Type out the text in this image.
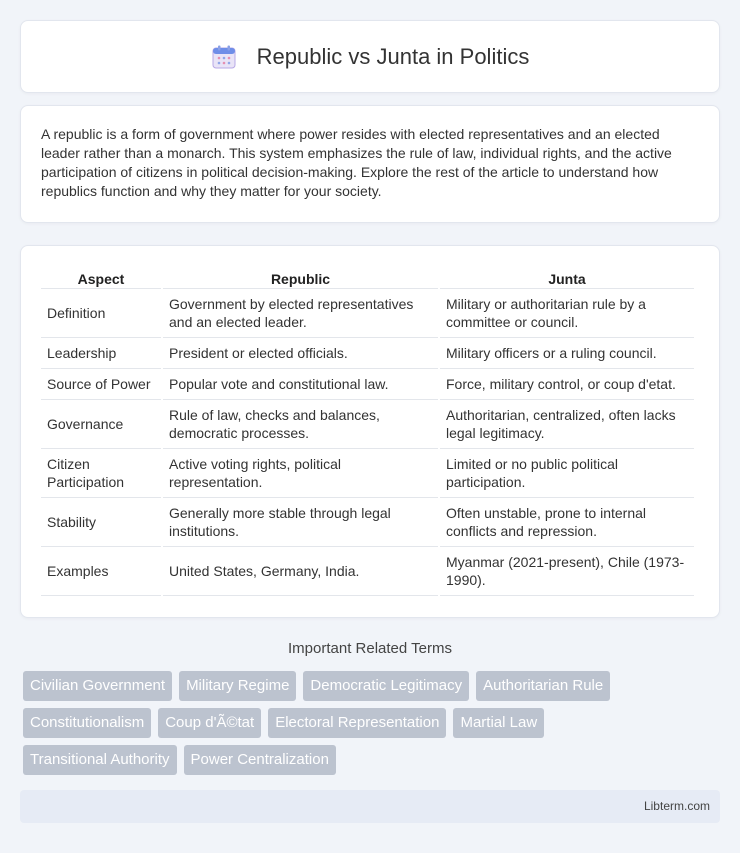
Republic vs Junta in Politics

A republic is a form of government where power resides with elected representatives and an elected leader rather than a monarch. This system emphasizes the rule of law, individual rights, and the active participation of citizens in political decision-making. Explore the rest of the article to understand how republics function and why they matter for your society.

Aspect	Republic	Junta
Definition	Government by elected representatives and an elected leader.	Military or authoritarian rule by a committee or council.
Leadership	President or elected officials.	Military officers or a ruling council.
Source of Power	Popular vote and constitutional law.	Force, military control, or coup d'etat.
Governance	Rule of law, checks and balances, democratic processes.	Authoritarian, centralized, often lacks legal legitimacy.
Citizen Participation	Active voting rights, political representation.	Limited or no public political participation.
Stability	Generally more stable through legal institutions.	Often unstable, prone to internal conflicts and repression.
Examples	United States, Germany, India.	Myanmar (2021-present), Chile (1973-1990).
Important Related Terms
Civilian Government	Military Regime	Democratic Legitimacy	Authoritarian Rule
Constitutionalism	Coup d'Ã©tat	Electoral Representation	Martial Law
Transitional Authority	Power Centralization
Libterm.com
